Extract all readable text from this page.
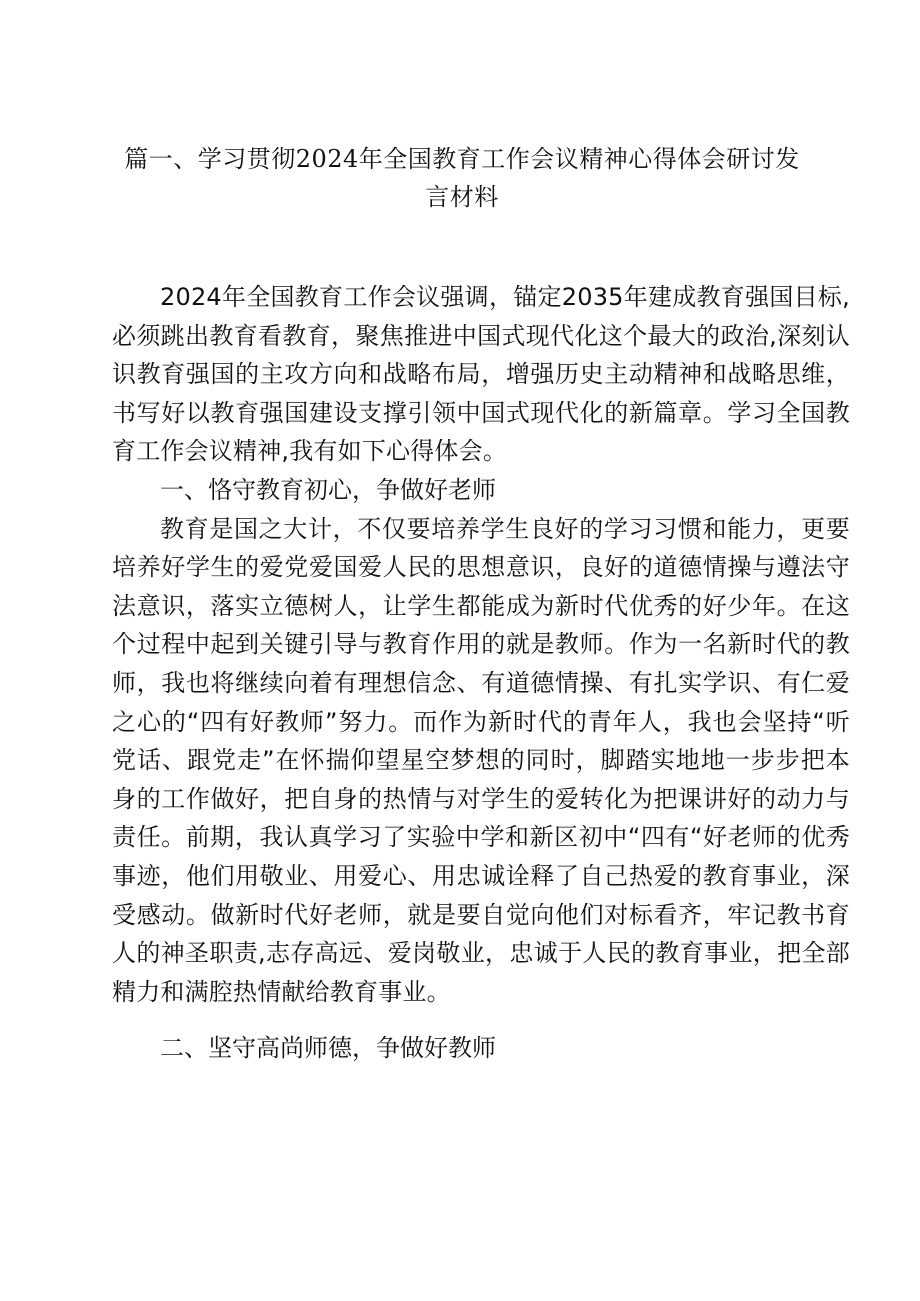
篇一、学习贯彻2024年全国教育工作会议精神心得体会研讨发言材料

2024年全国教育工作会议强调，锚定2035年建成教育强国目标,必须跳出教育看教育，聚焦推进中国式现代化这个最大的政治,深刻认识教育强国的主攻方向和战略布局，增强历史主动精神和战略思维，书写好以教育强国建设支撑引领中国式现代化的新篇章。学习全国教育工作会议精神,我有如下心得体会。

一、恪守教育初心，争做好老师

教育是国之大计，不仅要培养学生良好的学习习惯和能力，更要培养好学生的爱党爱国爱人民的思想意识，良好的道德情操与遵法守法意识，落实立德树人，让学生都能成为新时代优秀的好少年。在这个过程中起到关键引导与教育作用的就是教师。作为一名新时代的教师，我也将继续向着有理想信念、有道德情操、有扎实学识、有仁爱之心的“四有好教师”努力。而作为新时代的青年人，我也会坚持“听党话、跟党走”在怀揣仰望星空梦想的同时，脚踏实地地一步步把本身的工作做好，把自身的热情与对学生的爱转化为把课讲好的动力与责任。前期，我认真学习了实验中学和新区初中“四有“好老师的优秀事迹，他们用敬业、用爱心、用忠诚诠释了自己热爱的教育事业，深受感动。做新时代好老师，就是要自觉向他们对标看齐，牢记教书育人的神圣职责,志存高远、爱岗敬业，忠诚于人民的教育事业，把全部精力和满腔热情献给教育事业。

二、坚守高尚师德，争做好教师
